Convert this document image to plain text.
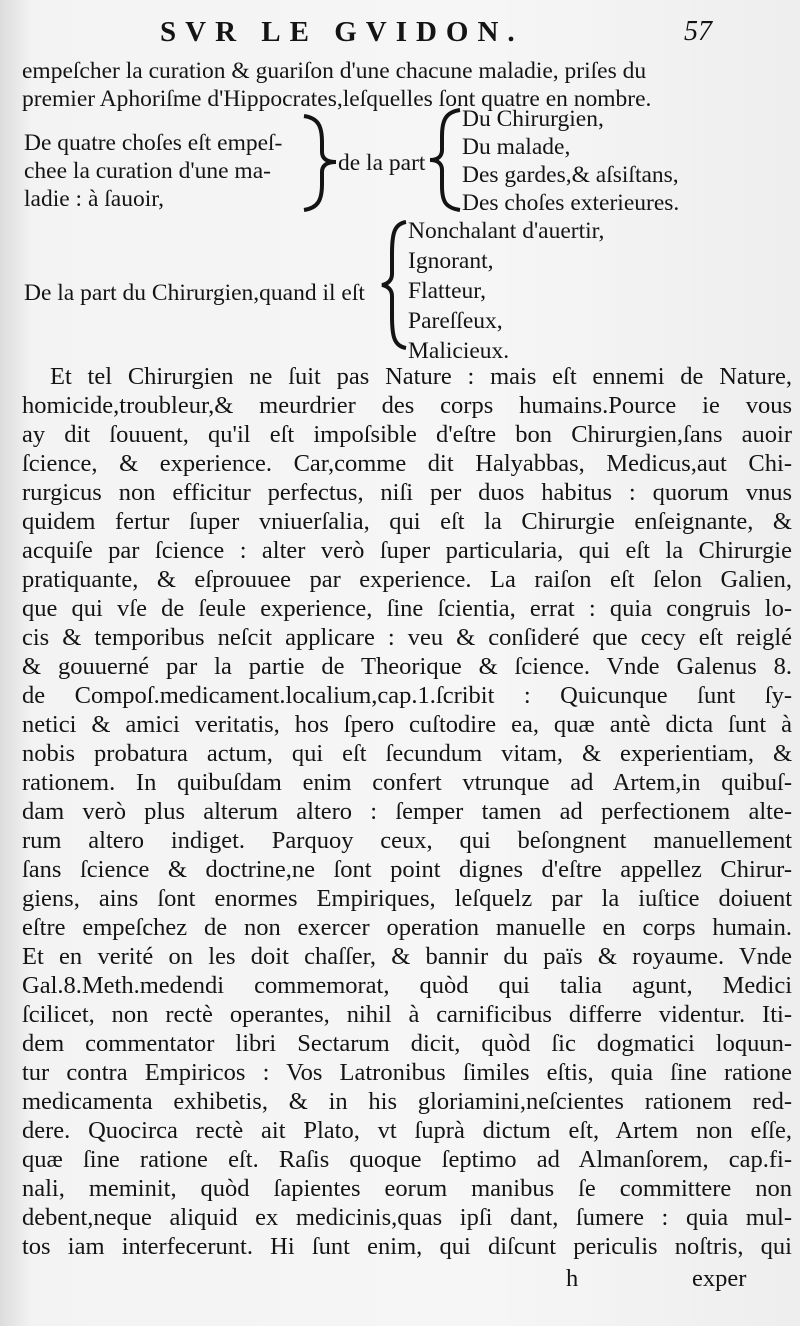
SVR LE GVIDON.	57
empeſcher la curation & guariſon d'une chacune maladie, priſes du
premier Aphoriſme d'Hippocrates,leſquelles ſont quatre en nombre.
De quatre choſes eſt empeſ-
chee la curation d'une ma-
ladie : à ſauoir,
de la part
Du Chirurgien,
Du malade,
Des gardes,& aſsiſtans,
Des choſes exterieures.
De la part du Chirurgien,quand il eſt
Nonchalant d'auertir,
Ignorant,
Flatteur,
Pareſſeux,
Malicieux.
Et tel Chirurgien ne ſuit pas Nature : mais eſt ennemi de Nature,
homicide,troubleur,& meurdrier des corps humains.Pource ie vous
ay dit ſouuent, qu'il eſt impoſsible d'eſtre bon Chirurgien,ſans auoir
ſcience, & experience. Car,comme dit Halyabbas, Medicus,aut Chi-
rurgicus non efficitur perfectus, niſi per duos habitus : quorum vnus
quidem fertur ſuper vniuerſalia, qui eſt la Chirurgie enſeignante, &
acquiſe par ſcience : alter verò ſuper particularia, qui eſt la Chirurgie
pratiquante, & eſprouuee par experience. La raiſon eſt ſelon Galien,
que qui vſe de ſeule experience, ſine ſcientia, errat : quia congruis lo-
cis & temporibus neſcit applicare : veu & conſideré que cecy eſt reiglé
& gouuerné par la partie de Theorique & ſcience. Vnde Galenus 8.
de Compoſ.medicament.localium,cap.1.ſcribit : Quicunque ſunt ſy-
netici & amici veritatis, hos ſpero cuſtodire ea, quæ antè dicta ſunt à
nobis probatura actum, qui eſt ſecundum vitam, & experientiam, &
rationem. In quibuſdam enim confert vtrunque ad Artem,in quibuſ-
dam verò plus alterum altero : ſemper tamen ad perfectionem alte-
rum altero indiget. Parquoy ceux, qui beſongnent manuellement
ſans ſcience & doctrine,ne ſont point dignes d'eſtre appellez Chirur-
giens, ains ſont enormes Empiriques, leſquelz par la iuſtice doiuent
eſtre empeſchez de non exercer operation manuelle en corps humain.
Et en verité on les doit chaſſer, & bannir du païs & royaume. Vnde
Gal.8.Meth.medendi commemorat, quòd qui talia agunt, Medici
ſcilicet, non rectè operantes, nihil à carnificibus differre videntur. Iti-
dem commentator libri Sectarum dicit, quòd ſic dogmatici loquun-
tur contra Empiricos : Vos Latronibus ſimiles eſtis, quia ſine ratione
medicamenta exhibetis, & in his gloriamini,neſcientes rationem red-
dere. Quocirca rectè ait Plato, vt ſuprà dictum eſt, Artem non eſſe,
quæ ſine ratione eſt. Raſis quoque ſeptimo ad Almanſorem, cap.fi-
nali, meminit, quòd ſapientes eorum manibus ſe committere non
debent,neque aliquid ex medicinis,quas ipſi dant, ſumere : quia mul-
tos iam interfecerunt. Hi ſunt enim, qui diſcunt periculis noſtris, qui
h	exper
